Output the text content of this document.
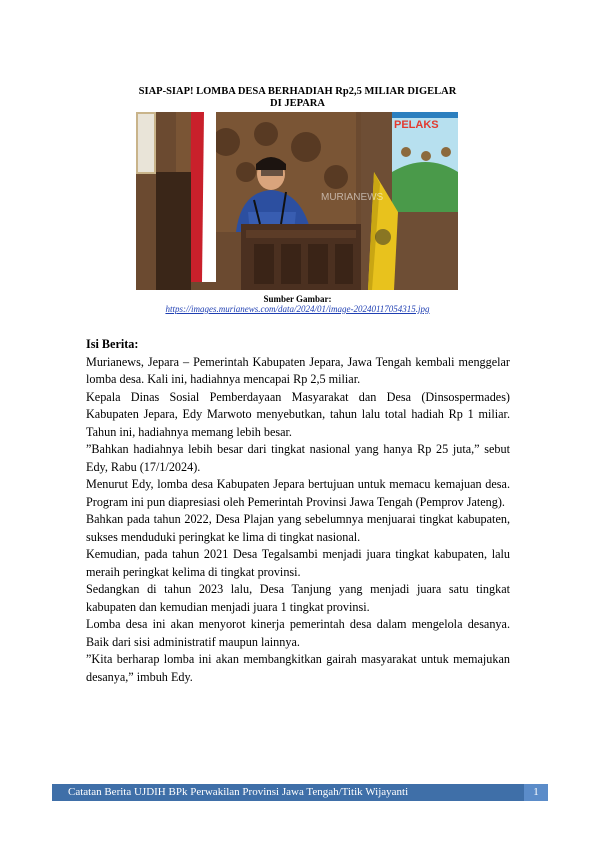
SIAP-SIAP! LOMBA DESA BERHADIAH Rp2,5 MILIAR DIGELAR
DI JEPARA
PELAKS
MURIANEWS
Sumber Gambar:
https://images.murianews.com/data/2024/01/image-20240117054315.jpg
Isi Berita:

Murianews, Jepara – Pemerintah Kabupaten Jepara, Jawa Tengah kembali menggelar lomba desa. Kali ini, hadiahnya mencapai Rp 2,5 miliar.

Kepala Dinas Sosial Pemberdayaan Masyarakat dan Desa (Dinsospermades) Kabupaten Jepara, Edy Marwoto menyebutkan, tahun lalu total hadiah Rp 1 miliar. Tahun ini, hadiahnya memang lebih besar.

”Bahkan hadiahnya lebih besar dari tingkat nasional yang hanya Rp 25 juta,” sebut Edy, Rabu (17/1/2024).

Menurut Edy, lomba desa Kabupaten Jepara bertujuan untuk memacu kemajuan desa. Program ini pun diapresiasi oleh Pemerintah Provinsi Jawa Tengah (Pemprov Jateng).

Bahkan pada tahun 2022, Desa Plajan yang sebelumnya menjuarai tingkat kabupaten, sukses menduduki peringkat ke lima di tingkat nasional.

Kemudian, pada tahun 2021 Desa Tegalsambi menjadi juara tingkat kabupaten, lalu meraih peringkat kelima di tingkat provinsi.

Sedangkan di tahun 2023 lalu, Desa Tanjung yang menjadi juara satu tingkat kabupaten dan kemudian menjadi juara 1 tingkat provinsi.

Lomba desa ini akan menyorot kinerja pemerintah desa dalam mengelola desanya. Baik dari sisi administratif maupun lainnya.

”Kita berharap lomba ini akan membangkitkan gairah masyarakat untuk memajukan desanya,” imbuh Edy.

Catatan Berita UJDIH BPk Perwakilan Provinsi Jawa Tengah/Titik Wijayanti	1
